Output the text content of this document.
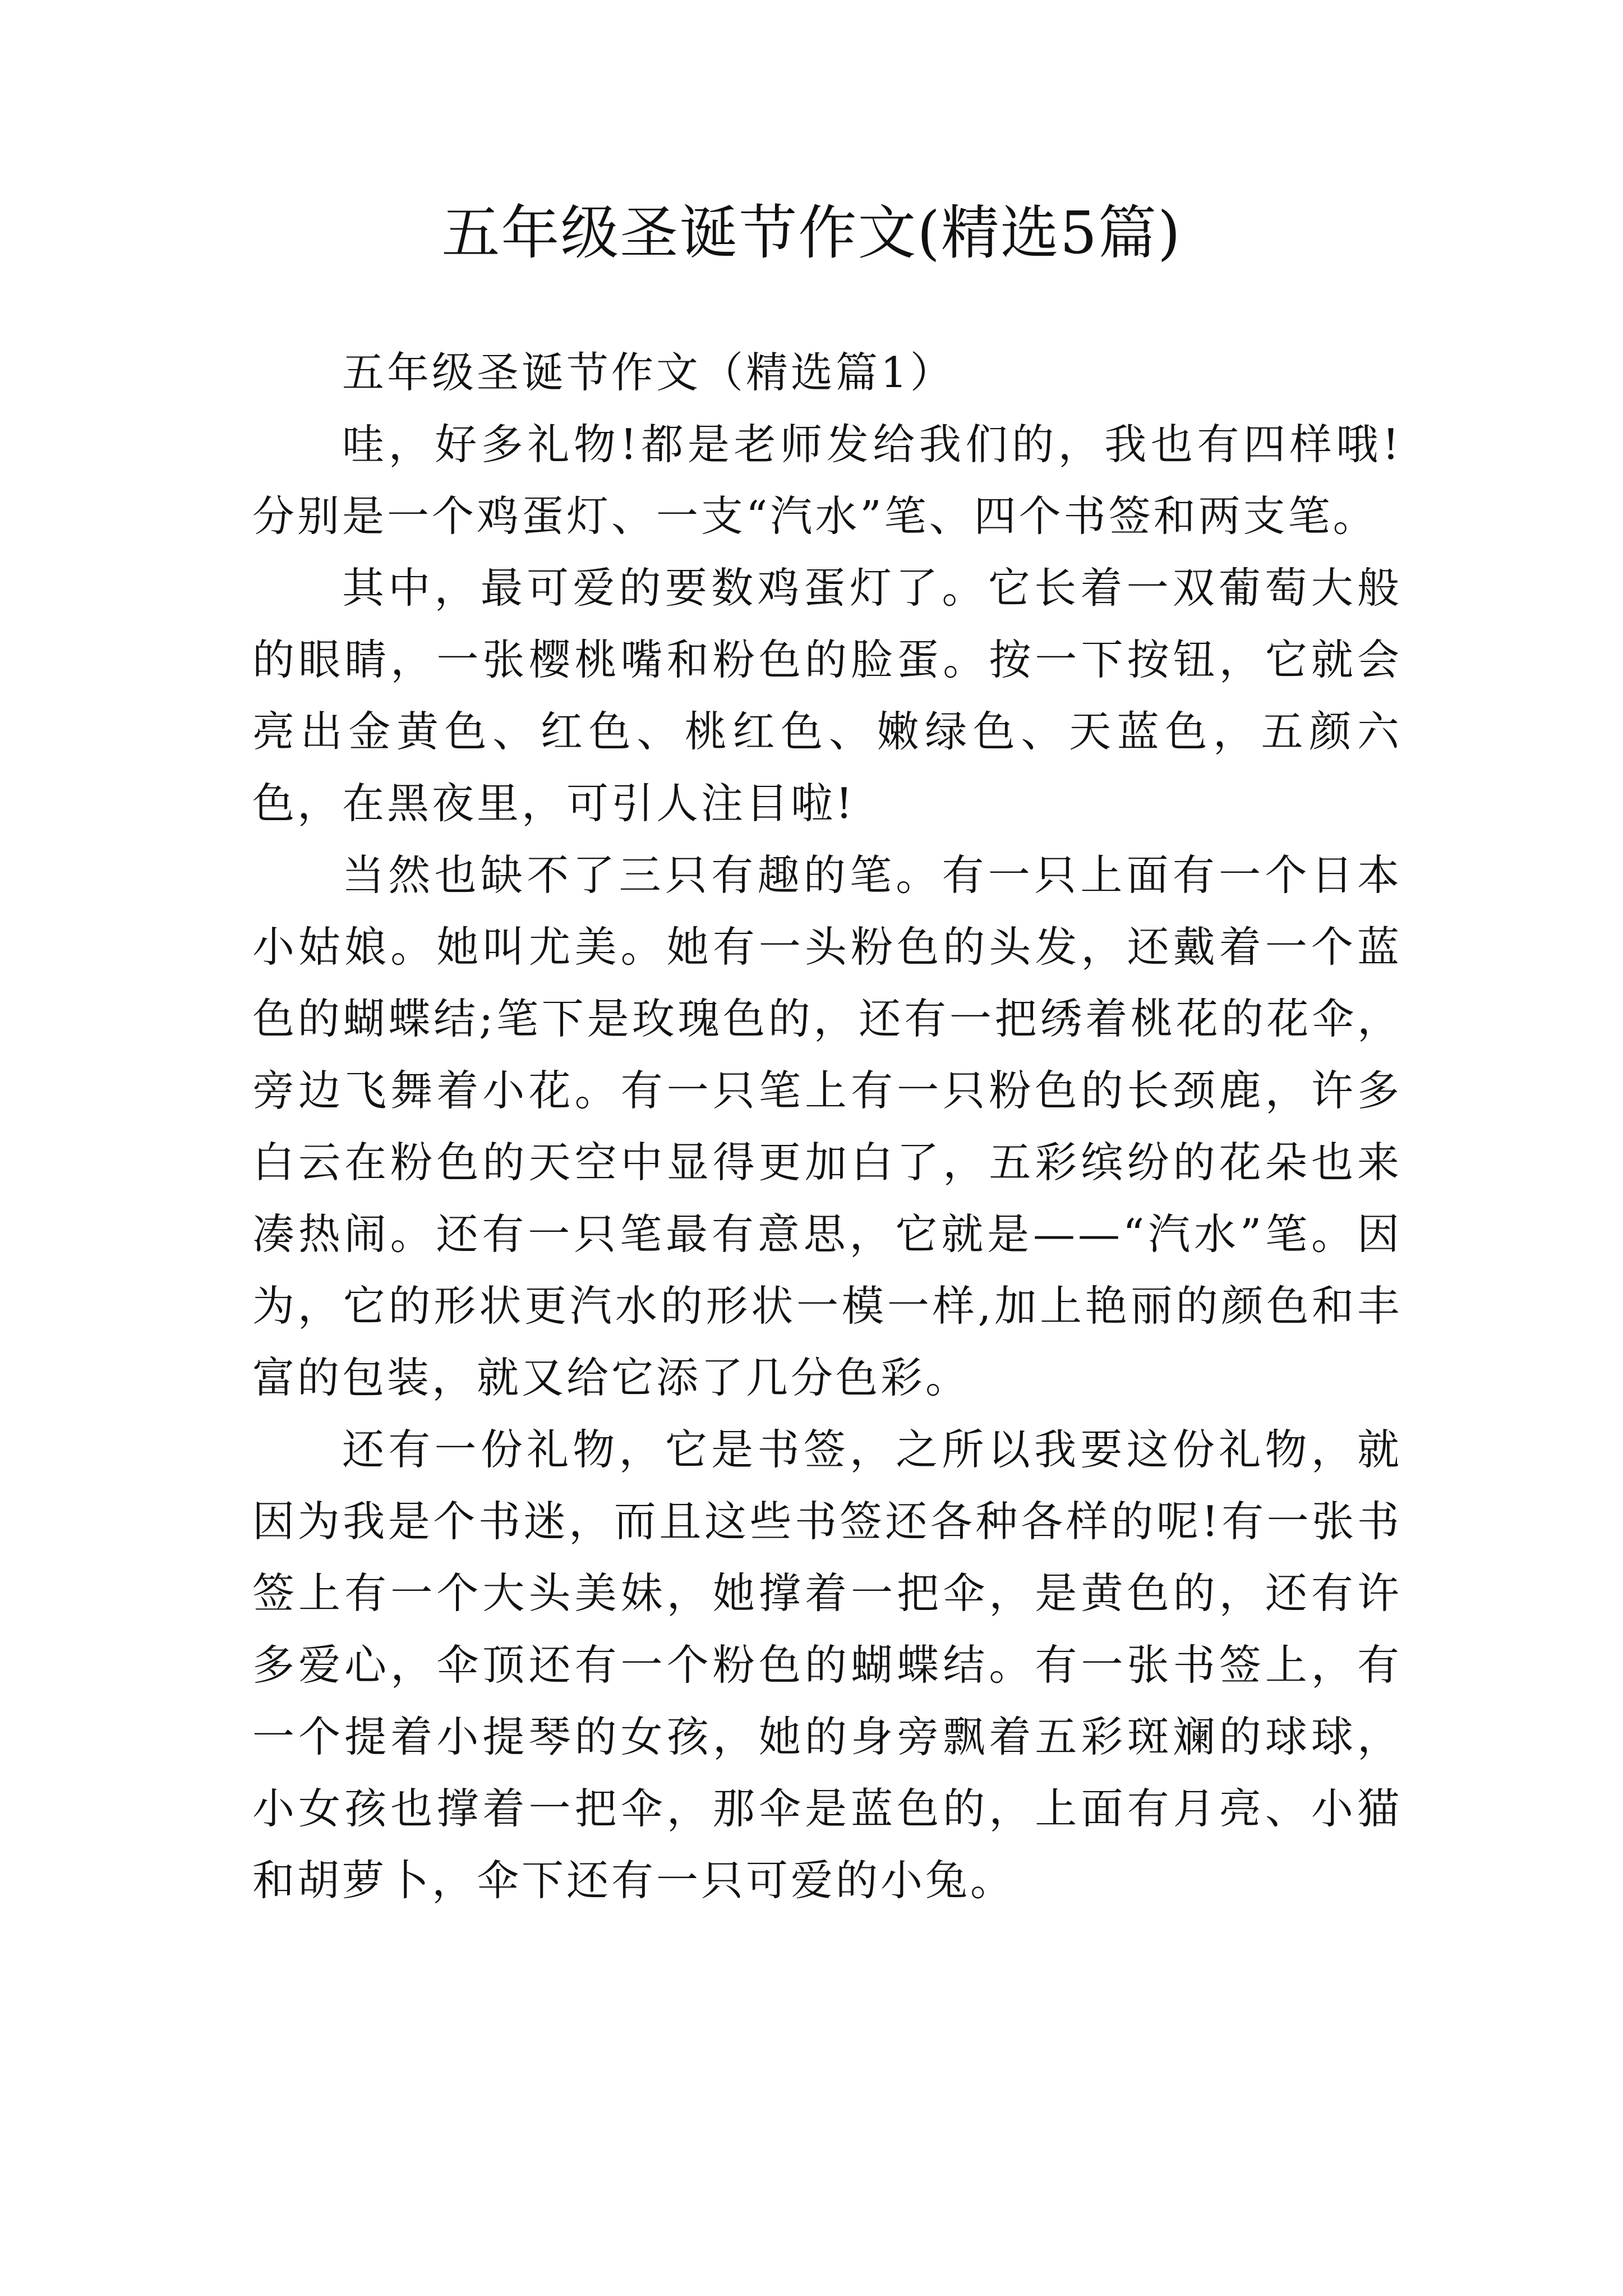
五年级圣诞节作文(精选5篇)
五年级圣诞节作文（精选篇1）

哇，好多礼物!都是老师发给我们的，我也有四样哦!分别是一个鸡蛋灯、一支“汽水”笔、四个书签和两支笔。

其中，最可爱的要数鸡蛋灯了。它长着一双葡萄大般的眼睛，一张樱桃嘴和粉色的脸蛋。按一下按钮，它就会亮出金黄色、红色、桃红色、嫩绿色、天蓝色，五颜六色，在黑夜里，可引人注目啦!

当然也缺不了三只有趣的笔。有一只上面有一个日本小姑娘。她叫尤美。她有一头粉色的头发，还戴着一个蓝色的蝴蝶结;笔下是玫瑰色的，还有一把绣着桃花的花伞，旁边飞舞着小花。有一只笔上有一只粉色的长颈鹿，许多白云在粉色的天空中显得更加白了，五彩缤纷的花朵也来凑热闹。还有一只笔最有意思，它就是——“汽水”笔。因为，它的形状更汽水的形状一模一样,加上艳丽的颜色和丰富的包装，就又给它添了几分色彩。

还有一份礼物，它是书签，之所以我要这份礼物，就因为我是个书迷，而且这些书签还各种各样的呢!有一张书签上有一个大头美妹，她撑着一把伞，是黄色的，还有许多爱心，伞顶还有一个粉色的蝴蝶结。有一张书签上，有一个提着小提琴的女孩，她的身旁飘着五彩斑斓的球球，小女孩也撑着一把伞，那伞是蓝色的，上面有月亮、小猫和胡萝卜，伞下还有一只可爱的小兔。
